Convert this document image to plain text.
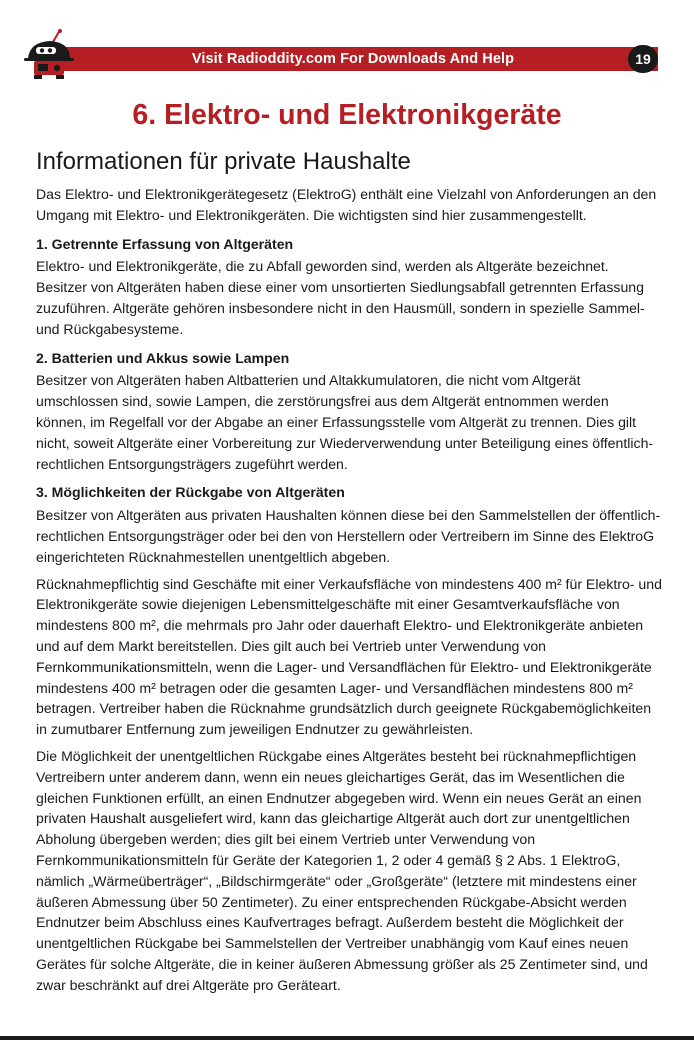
Visit Radioddity.com For Downloads And Help	19
6. Elektro- und Elektronikgeräte
Informationen für private Haushalte

Das Elektro- und Elektronikgerätegesetz (ElektroG) enthält eine Vielzahl von Anforderungen an den Umgang mit Elektro- und Elektronikgeräten. Die wichtigsten sind hier zusammengestellt.

1. Getrennte Erfassung von Altgeräten

Elektro- und Elektronikgeräte, die zu Abfall geworden sind, werden als Altgeräte bezeichnet. Besitzer von Altgeräten haben diese einer vom unsortierten Siedlungsabfall getrennten Erfassung zuzuführen. Altgeräte gehören insbesondere nicht in den Hausmüll, sondern in spezielle Sammel- und Rückgabesysteme.

2. Batterien und Akkus sowie Lampen

Besitzer von Altgeräten haben Altbatterien und Altakkumulatoren, die nicht vom Altgerät umschlossen sind, sowie Lampen, die zerstörungsfrei aus dem Altgerät entnommen werden können, im Regelfall vor der Abgabe an einer Erfassungsstelle vom Altgerät zu trennen. Dies gilt nicht, soweit Altgeräte einer Vorbereitung zur Wiederverwendung unter Beteiligung eines öffentlich-rechtlichen Entsorgungsträgers zugeführt werden.

3. Möglichkeiten der Rückgabe von Altgeräten

Besitzer von Altgeräten aus privaten Haushalten können diese bei den Sammelstellen der öffentlich-rechtlichen Entsorgungsträger oder bei den von Herstellern oder Vertreibern im Sinne des ElektroG eingerichteten Rücknahmestellen unentgeltlich abgeben.

Rücknahmepflichtig sind Geschäfte mit einer Verkaufsfläche von mindestens 400 m² für Elektro- und Elektronikgeräte sowie diejenigen Lebensmittelgeschäfte mit einer Gesamtverkaufsfläche von mindestens 800 m², die mehrmals pro Jahr oder dauerhaft Elektro- und Elektronikgeräte anbieten und auf dem Markt bereitstellen. Dies gilt auch bei Vertrieb unter Verwendung von Fernkommunikationsmitteln, wenn die Lager- und Versandflächen für Elektro- und Elektronikgeräte mindestens 400 m² betragen oder die gesamten Lager- und Versandflächen mindestens 800 m² betragen. Vertreiber haben die Rücknahme grundsätzlich durch geeignete Rückgabemöglichkeiten in zumutbarer Entfernung zum jeweiligen Endnutzer zu gewährleisten.

Die Möglichkeit der unentgeltlichen Rückgabe eines Altgerätes besteht bei rücknahmepflichtigen Vertreibern unter anderem dann, wenn ein neues gleichartiges Gerät, das im Wesentlichen die gleichen Funktionen erfüllt, an einen Endnutzer abgegeben wird. Wenn ein neues Gerät an einen privaten Haushalt ausgeliefert wird, kann das gleichartige Altgerät auch dort zur unentgeltlichen Abholung übergeben werden; dies gilt bei einem Vertrieb unter Verwendung von Fernkommunikationsmitteln für Geräte der Kategorien 1, 2 oder 4 gemäß § 2 Abs. 1 ElektroG, nämlich „Wärmeüberträger“, „Bildschirmgeräte“ oder „Großgeräte“ (letztere mit mindestens einer äußeren Abmessung über 50 Zentimeter). Zu einer entsprechenden Rückgabe-Absicht werden Endnutzer beim Abschluss eines Kaufvertrages befragt. Außerdem besteht die Möglichkeit der unentgeltlichen Rückgabe bei Sammelstellen der Vertreiber unabhängig vom Kauf eines neuen Gerätes für solche Altgeräte, die in keiner äußeren Abmessung größer als 25 Zentimeter sind, und zwar beschränkt auf drei Altgeräte pro Geräteart.
